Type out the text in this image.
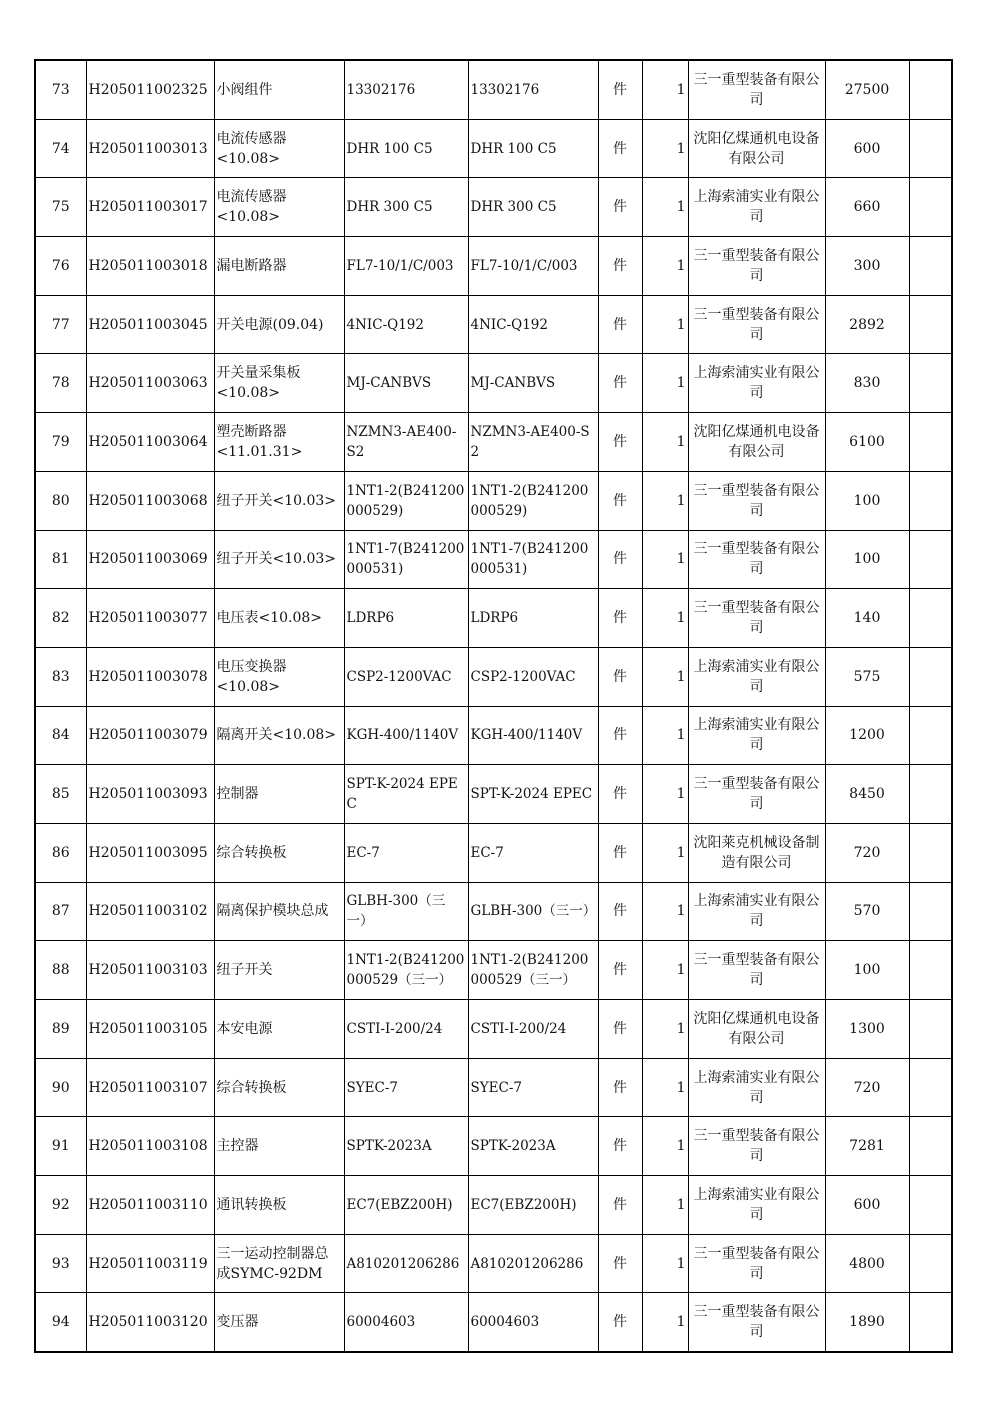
73	H205011002325	小阀组件	13302176	13302176	件	1	三一重型装备有限公司	27500	
74	H205011003013	电流传感器<10.08>	DHR 100 C5	DHR 100 C5	件	1	沈阳亿煤通机电设备有限公司	600	
75	H205011003017	电流传感器<10.08>	DHR 300 C5	DHR 300 C5	件	1	上海索浦实业有限公司	660	
76	H205011003018	漏电断路器	FL7-10/1/C/003	FL7-10/1/C/003	件	1	三一重型装备有限公司	300	
77	H205011003045	开关电源(09.04)	4NIC-Q192	4NIC-Q192	件	1	三一重型装备有限公司	2892	
78	H205011003063	开关量采集板<10.08>	MJ-CANBVS	MJ-CANBVS	件	1	上海索浦实业有限公司	830	
79	H205011003064	塑壳断路器<11.01.31>	NZMN3-AE400-S2	NZMN3-AE400-S2	件	1	沈阳亿煤通机电设备有限公司	6100	
80	H205011003068	纽子开关<10.03>	1NT1-2(B241200000529)	1NT1-2(B241200000529)	件	1	三一重型装备有限公司	100	
81	H205011003069	纽子开关<10.03>	1NT1-7(B241200000531)	1NT1-7(B241200000531)	件	1	三一重型装备有限公司	100	
82	H205011003077	电压表<10.08>	LDRP6	LDRP6	件	1	三一重型装备有限公司	140	
83	H205011003078	电压变换器<10.08>	CSP2-1200VAC	CSP2-1200VAC	件	1	上海索浦实业有限公司	575	
84	H205011003079	隔离开关<10.08>	KGH-400/1140V	KGH-400/1140V	件	1	上海索浦实业有限公司	1200	
85	H205011003093	控制器	SPT-K-2024 EPEC	SPT-K-2024 EPEC	件	1	三一重型装备有限公司	8450	
86	H205011003095	综合转换板	EC-7	EC-7	件	1	沈阳莱克机械设备制造有限公司	720	
87	H205011003102	隔离保护模块总成	GLBH-300（三一）	GLBH-300（三一）	件	1	上海索浦实业有限公司	570	
88	H205011003103	纽子开关	1NT1-2(B241200000529（三一）	1NT1-2(B241200000529（三一）	件	1	三一重型装备有限公司	100	
89	H205011003105	本安电源	CSTI-I-200/24	CSTI-I-200/24	件	1	沈阳亿煤通机电设备有限公司	1300	
90	H205011003107	综合转换板	SYEC-7	SYEC-7	件	1	上海索浦实业有限公司	720	
91	H205011003108	主控器	SPTK-2023A	SPTK-2023A	件	1	三一重型装备有限公司	7281	
92	H205011003110	通讯转换板	EC7(EBZ200H)	EC7(EBZ200H)	件	1	上海索浦实业有限公司	600	
93	H205011003119	三一运动控制器总成SYMC-92DM	A810201206286	A810201206286	件	1	三一重型装备有限公司	4800	
94	H205011003120	变压器	60004603	60004603	件	1	三一重型装备有限公司	1890	
